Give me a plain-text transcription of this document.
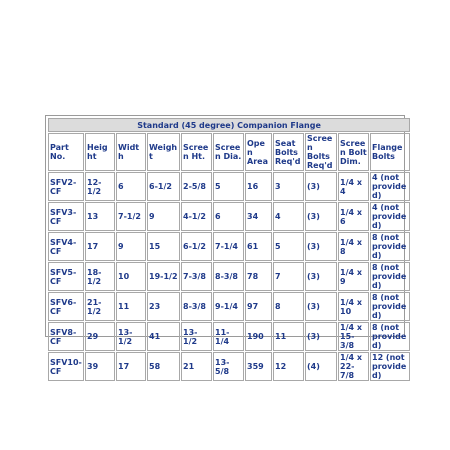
Standard (45 degree) Companion Flange										
Part No.	Height	Width	Weight	Screen Ht.	Screen Dia.	Open Area	Seat Bolts Req'd	Screen Bolts Req'd	Screen Bolt Dim.	Flange Bolts
SFV2-CF	12-1/2	6	6-1/2	2-5/8	5	16	3	(3)	1/4 x 4	4 (not provided)
SFV3-CF	13	7-1/2	9	4-1/2	6	34	4	(3)	1/4 x 6	4 (not provided)
SFV4-CF	17	9	15	6-1/2	7-1/4	61	5	(3)	1/4 x 8	8 (not provided)
SFV5-CF	18-1/2	10	19-1/2	7-3/8	8-3/8	78	7	(3)	1/4 x 9	8 (not provided)
SFV6-CF	21-1/2	11	23	8-3/8	9-1/4	97	8	(3)	1/4 x 10	8 (not provided)
SFV8-CF	29	13-1/2	41	13-1/2	11-1/4	190	11	(3)	1/4 x 15-3/8	8 (not provided)
SFV10-CF	39	17	58	21	13-5/8	359	12	(4)	1/4 x 22-7/8	12 (not provided)
